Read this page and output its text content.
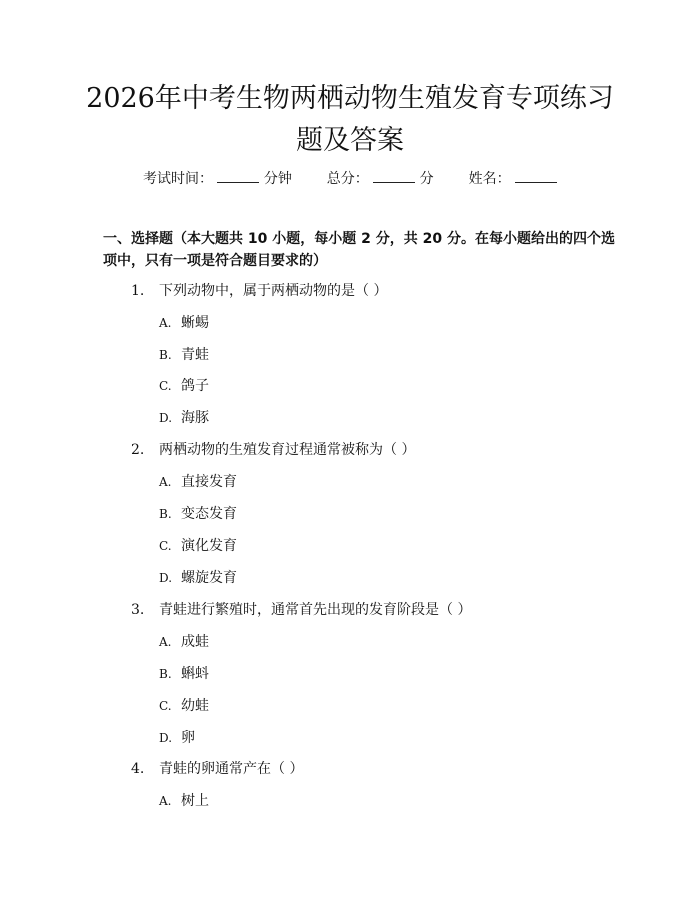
2026年中考生物两栖动物生殖发育专项练习
题及答案
考试时间：	分钟 总分：	分 姓名：
一、选择题（本大题共 10 小题，每小题 2 分，共 20 分。在每小题给出的四个选项中，只有一项是符合题目要求的）
1. 下列动物中，属于两栖动物的是（ ）
A. 蜥蜴
B. 青蛙
C. 鸽子
D. 海豚
2. 两栖动物的生殖发育过程通常被称为（ ）
A. 直接发育
B. 变态发育
C. 演化发育
D. 螺旋发育
3. 青蛙进行繁殖时，通常首先出现的发育阶段是（ ）
A. 成蛙
B. 蝌蚪
C. 幼蛙
D. 卵
4. 青蛙的卵通常产在（ ）
A. 树上
